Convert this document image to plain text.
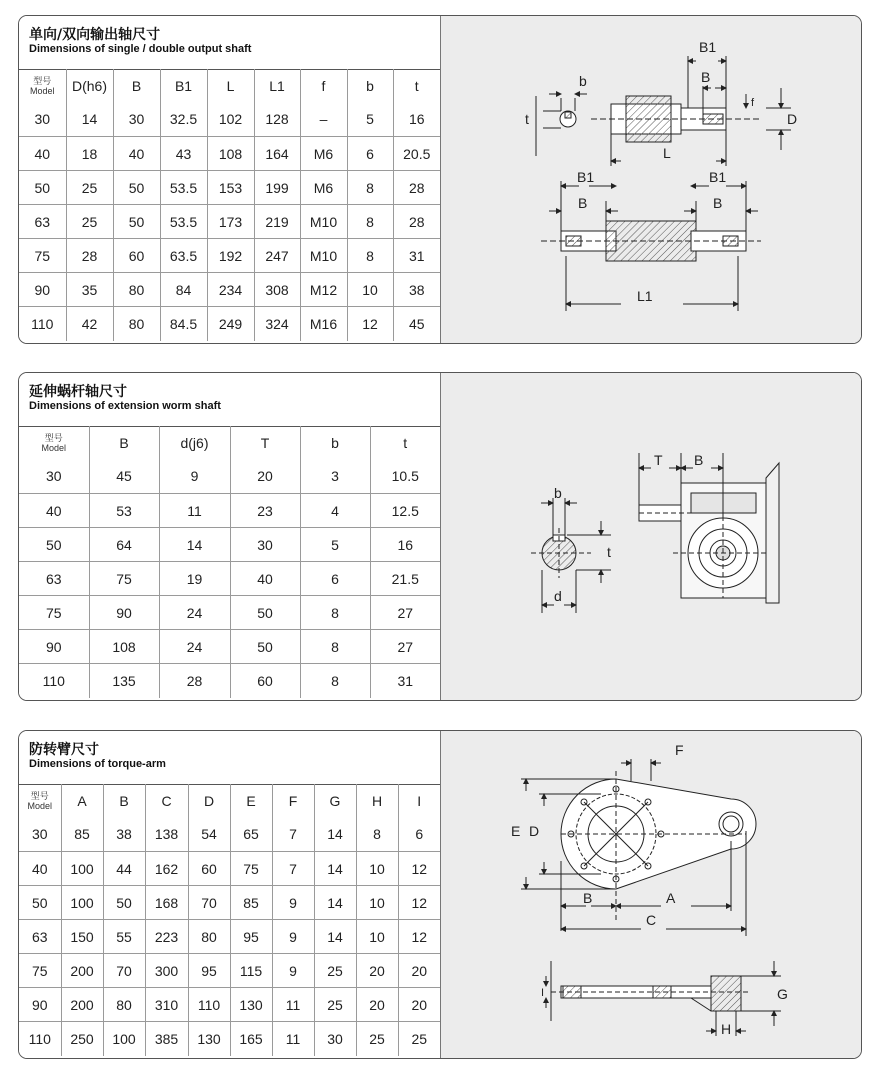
单向/双向输出轴尺寸
Dimensions of single / double output shaft
型号
Model	D(h6)	B	B1	L	L1	f	b	t
30	14	30	32.5	102	128	–	5	16
40	18	40	43	108	164	M6	6	20.5
50	25	50	53.5	153	199	M6	8	28
63	25	50	53.5	173	219	M10	8	28
75	28	60	63.5	192	247	M10	8	31
90	35	80	84	234	308	M12	10	38
110	42	80	84.5	249	324	M16	12	45
b
t
B1
B
f
D
L
B1
B
B1
B
L1
延伸蜗杆轴尺寸
Dimensions of extension worm shaft
型号
Model	B	d(j6)	T	b	t
30	45	9	20	3	10.5
40	53	11	23	4	12.5
50	64	14	30	5	16
63	75	19	40	6	21.5
75	90	24	50	8	27
90	108	24	50	8	27
110	135	28	60	8	31
T B
b
t
d
防转臂尺寸
Dimensions of torque-arm
型号
Model	A	B	C	D	E	F	G	H	I
30	85	38	138	54	65	7	14	8	6
40	100	44	162	60	75	7	14	10	12
50	100	50	168	70	85	9	14	10	12
63	150	55	223	80	95	9	14	10	12
75	200	70	300	95	115	9	25	20	20
90	200	80	310	110	130	11	25	20	20
110	250	100	385	130	165	11	30	25	25
F
E D
B	A
C
G
H
I
